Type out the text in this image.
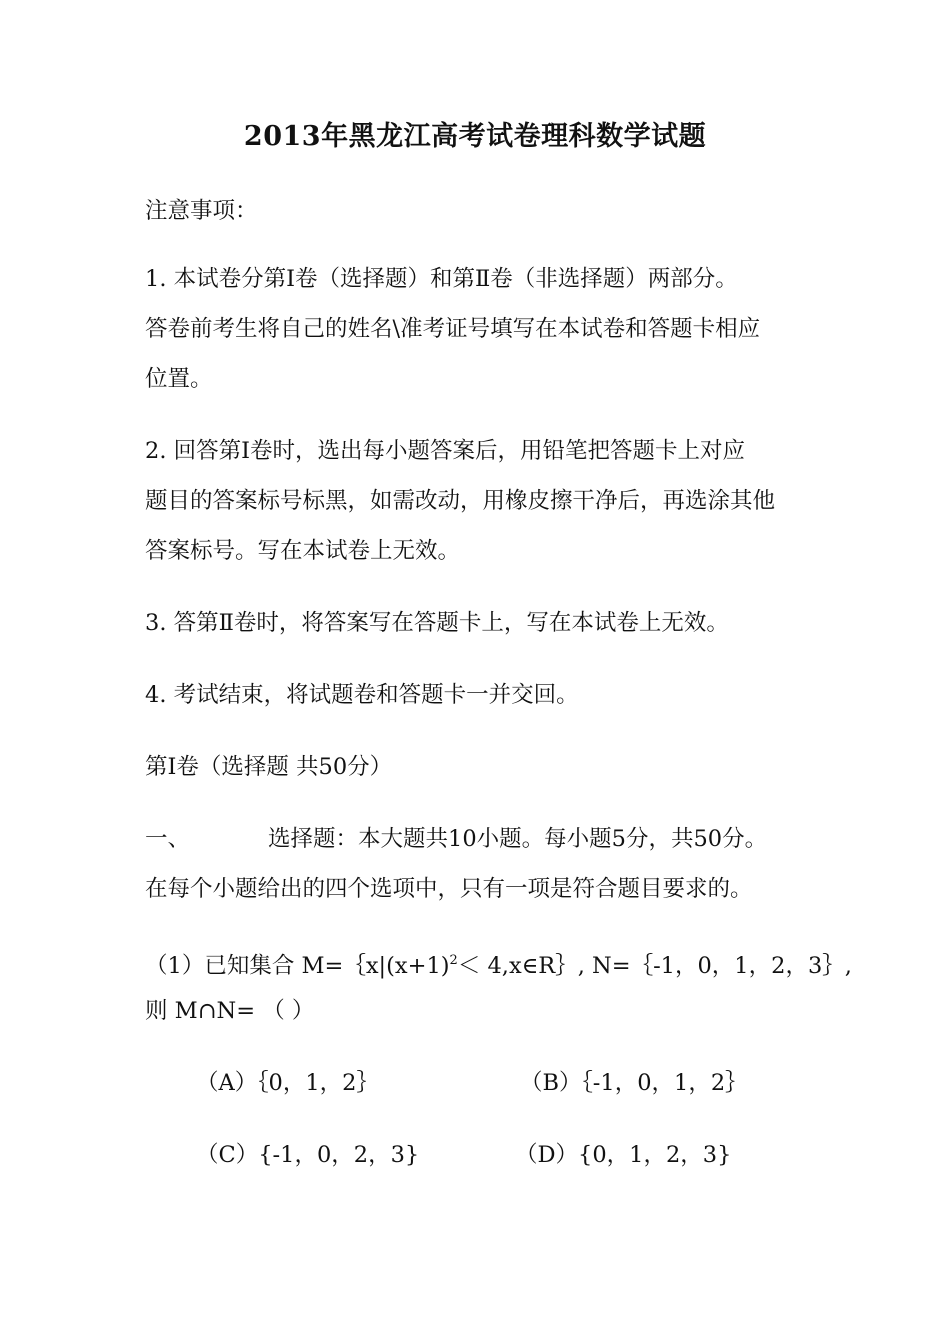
2013年黑龙江高考试卷理科数学试题
注意事项：
1. 本试卷分第Ⅰ卷（选择题）和第Ⅱ卷（非选择题）两部分。
答卷前考生将自己的姓名\准考证号填写在本试卷和答题卡相应
位置。
2. 回答第Ⅰ卷时，选出每小题答案后，用铅笔把答题卡上对应
题目的答案标号标黑，如需改动，用橡皮擦干净后，再选涂其他
答案标号。写在本试卷上无效。
3. 答第Ⅱ卷时，将答案写在答题卡上，写在本试卷上无效。
4. 考试结束，将试题卷和答题卡一并交回。
第Ⅰ卷（选择题 共50分）
一、	选择题：本大题共10小题。每小题5分，共50分。
在每个小题给出的四个选项中，只有一项是符合题目要求的。
（1）已知集合 $M=\{x|(x+1)^2<$ 4,x∈R｝, N=｛-1，0，1，2，3｝,
则 M∩N= （ ）
（A）｛0，1，2｝	（B）｛-1，0，1，2｝
（C）{-1，0，2，3}	（D）{0，1，2，3}
